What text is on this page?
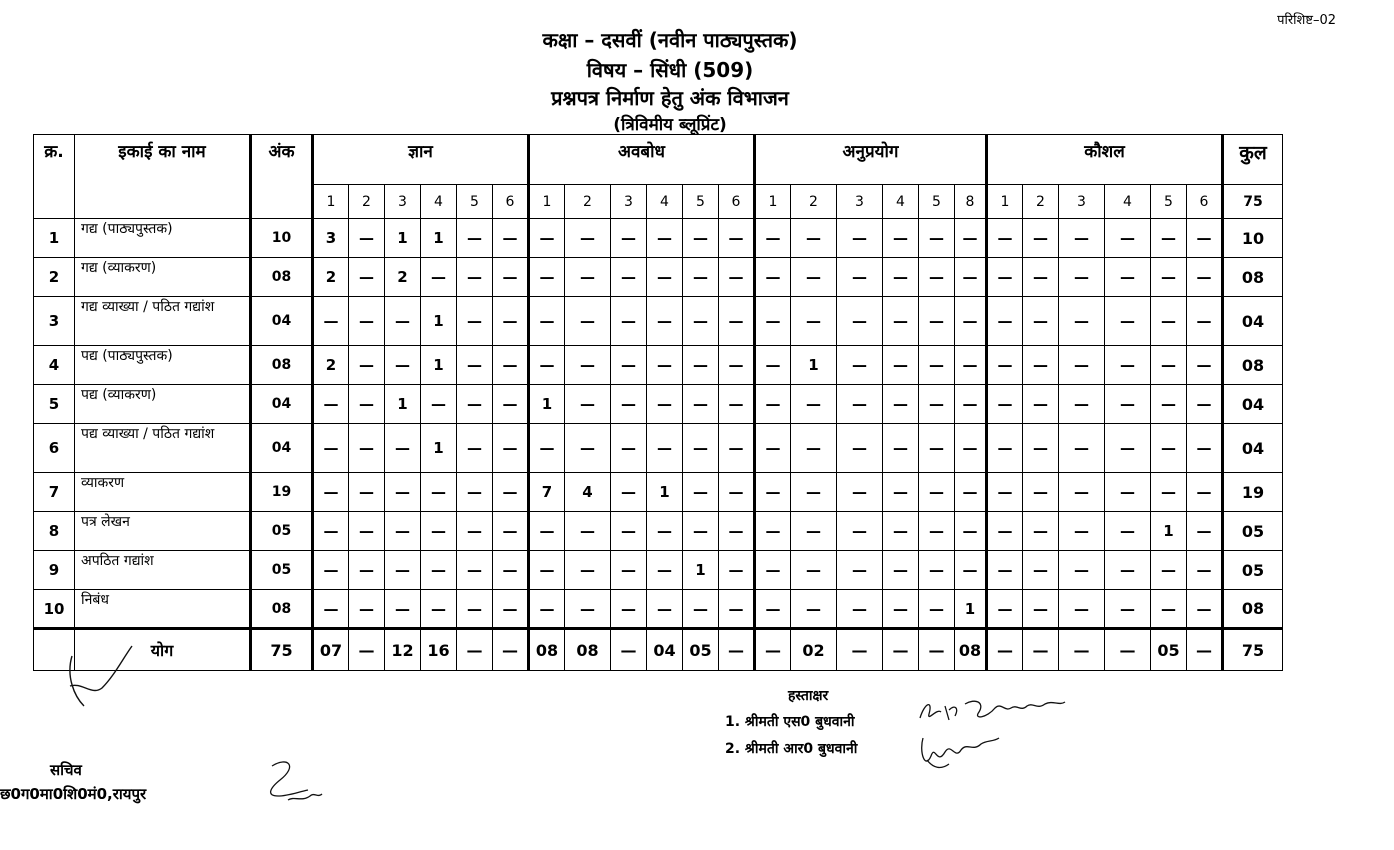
परिशिष्ट–02
कक्षा – दसवीं (नवीन पाठ्यपुस्तक)
विषय – सिंधी (509)
प्रश्नपत्र निर्माण हेतु अंक विभाजन
(त्रिविमीय ब्लूप्रिंट)
क्र.	इकाई का नाम	अंक	ज्ञान						अवबोध						अनुप्रयोग						कौशल						कुल
			1	2	3	4	5	6	1	2	3	4	5	6	1	2	3	4	5	8	1	2	3	4	5	6	75
1	गद्य (पाठ्यपुस्तक)	10	3	—	1	1	—	—	—	—	—	—	—	—	—	—	—	—	—	—	—	—	—	—	—	—	10
2	गद्य (व्याकरण)	08	2	—	2	—	—	—	—	—	—	—	—	—	—	—	—	—	—	—	—	—	—	—	—	—	08
3	गद्य व्याख्या / पठित गद्यांश	04	—	—	—	1	—	—	—	—	—	—	—	—	—	—	—	—	—	—	—	—	—	—	—	—	04
4	पद्य (पाठ्यपुस्तक)	08	2	—	—	1	—	—	—	—	—	—	—	—	—	1	—	—	—	—	—	—	—	—	—	—	08
5	पद्य (व्याकरण)	04	—	—	1	—	—	—	1	—	—	—	—	—	—	—	—	—	—	—	—	—	—	—	—	—	04
6	पद्य व्याख्या / पठित गद्यांश	04	—	—	—	1	—	—	—	—	—	—	—	—	—	—	—	—	—	—	—	—	—	—	—	—	04
7	व्याकरण	19	—	—	—	—	—	—	7	4	—	1	—	—	—	—	—	—	—	—	—	—	—	—	—	—	19
8	पत्र लेखन	05	—	—	—	—	—	—	—	—	—	—	—	—	—	—	—	—	—	—	—	—	—	—	1	—	05
9	अपठित गद्यांश	05	—	—	—	—	—	—	—	—	—	—	1	—	—	—	—	—	—	—	—	—	—	—	—	—	05
10	निबंध	08	—	—	—	—	—	—	—	—	—	—	—	—	—	—	—	—	—	1	—	—	—	—	—	—	08
	योग	75	07	—	12	16	—	—	08	08	—	04	05	—	—	02	—	—	—	08	—	—	—	—	05	—	75
हस्ताक्षर
1. श्रीमती एस0 बुधवानी
2. श्रीमती आर0 बुधवानी
सचिव
छ0ग0मा0शि0मं0,रायपुर
